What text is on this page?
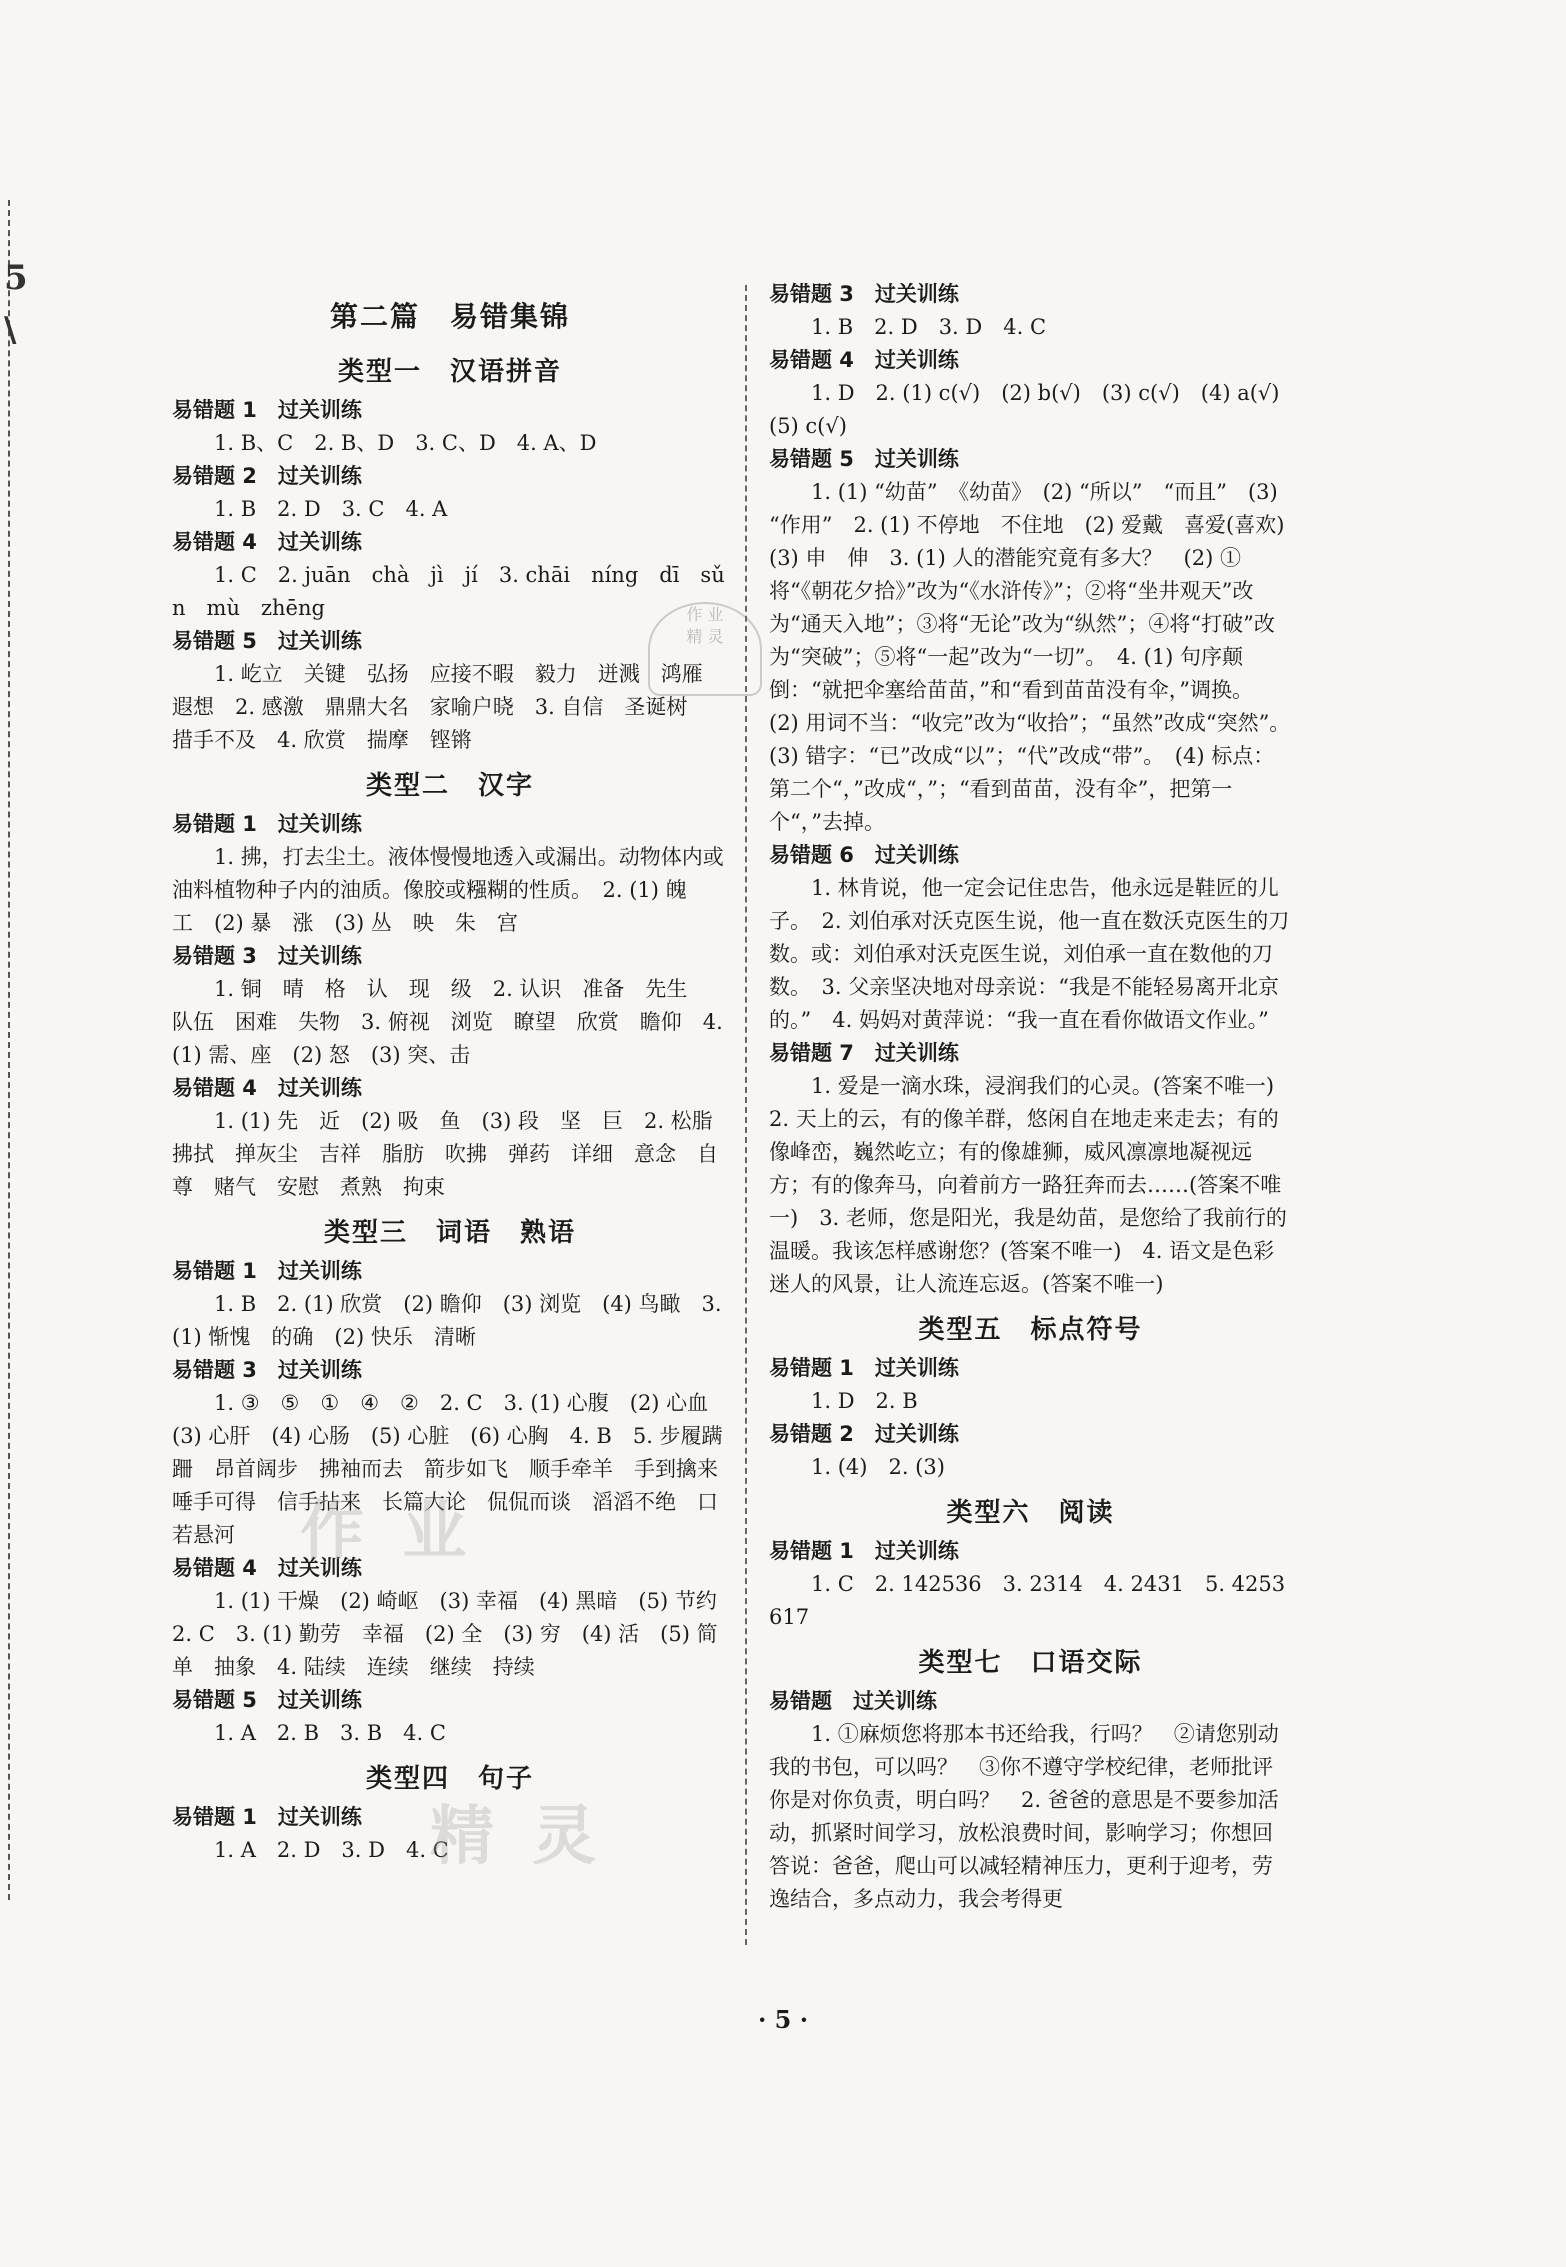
5
\	第二篇　易错集锦
类型一　汉语拼音

易错题 1　过关训练

1. B、C　2. B、D　3. C、D　4. A、D

易错题 2　过关训练

1. B　2. D　3. C　4. A

易错题 4　过关训练

1. C　2. juān　chà　jì　jí　3. chāi　níng　dī　sǔn　mù　zhēng

易错题 5　过关训练

1. 屹立　关键　弘扬　应接不暇　毅力　迸溅　鸿雁　遐想　2. 感激　鼎鼎大名　家喻户晓　3. 自信　圣诞树　措手不及　4. 欣赏　揣摩　铿锵

类型二　汉字

易错题 1　过关训练

1. 拂，打去尘土。液体慢慢地透入或漏出。动物体内或油料植物种子内的油质。像胶或糨糊的性质。　2. (1) 魄　工　(2) 暴　涨　(3) 丛　映　朱　宫

易错题 3　过关训练

1. 铜　晴　格　认　现　级　2. 认识　准备　先生　队伍　困难　失物　3. 俯视　浏览　瞭望　欣赏　瞻仰　4. (1) 需、座　(2) 怒　(3) 突、击

易错题 4　过关训练

1. (1) 先　近　(2) 吸　鱼　(3) 段　坚　巨　2. 松脂　拂拭　掸灰尘　吉祥　脂肪　吹拂　弹药　详细　意念　自尊　赌气　安慰　煮熟　拘束

类型三　词语　熟语

易错题 1　过关训练

1. B　2. (1) 欣赏　(2) 瞻仰　(3) 浏览　(4) 鸟瞰　3. (1) 惭愧　的确　(2) 快乐　清晰

易错题 3　过关训练

1. ③　⑤　①　④　②　2. C　3. (1) 心腹　(2) 心血　(3) 心肝　(4) 心肠　(5) 心脏　(6) 心胸　4. B　5. 步履蹒跚　昂首阔步　拂袖而去　箭步如飞　顺手牵羊　手到擒来　唾手可得　信手拈来　长篇大论　侃侃而谈　滔滔不绝　口若悬河

易错题 4　过关训练

1. (1) 干燥　(2) 崎岖　(3) 幸福　(4) 黑暗　(5) 节约　2. C　3. (1) 勤劳　幸福　(2) 全　(3) 穷　(4) 活　(5) 简单　抽象　4. 陆续　连续　继续　持续

易错题 5　过关训练

1. A　2. B　3. B　4. C

类型四　句子

易错题 1　过关训练

1. A　2. D　3. D　4. C

易错题 3　过关训练

1. B　2. D　3. D　4. C

易错题 4　过关训练

1. D　2. (1) c(√)　(2) b(√)　(3) c(√)　(4) a(√)　(5) c(√)

易错题 5　过关训练

1. (1) “幼苗”　《幼苗》　(2) “所以”　“而且”　(3) “作用”　2. (1) 不停地　不住地　(2) 爱戴　喜爱(喜欢)　(3) 申　伸　3. (1) 人的潜能究竟有多大？　(2) ①将“《朝花夕拾》”改为“《水浒传》”；②将“坐井观天”改为“通天入地”；③将“无论”改为“纵然”；④将“打破”改为“突破”；⑤将“一起”改为“一切”。　4. (1) 句序颠倒：“就把伞塞给苗苗，”和“看到苗苗没有伞，”调换。　(2) 用词不当：“收完”改为“收拾”；“虽然”改成“突然”。(3) 错字：“已”改成“以”；“代”改成“带”。　(4) 标点：第二个“，”改成“，”；“看到苗苗，没有伞”，把第一个“，”去掉。

易错题 6　过关训练

1. 林肯说，他一定会记住忠告，他永远是鞋匠的儿子。　2. 刘伯承对沃克医生说，他一直在数沃克医生的刀数。或：刘伯承对沃克医生说，刘伯承一直在数他的刀数。　3. 父亲坚决地对母亲说：“我是不能轻易离开北京的。”　4. 妈妈对黄萍说：“我一直在看你做语文作业。”

易错题 7　过关训练

1. 爱是一滴水珠，浸润我们的心灵。(答案不唯一)　2. 天上的云，有的像羊群，悠闲自在地走来走去；有的像峰峦，巍然屹立；有的像雄狮，威风凛凛地凝视远方；有的像奔马，向着前方一路狂奔而去……(答案不唯一)　3. 老师，您是阳光，我是幼苗，是您给了我前行的温暖。我该怎样感谢您？(答案不唯一)　4. 语文是色彩迷人的风景，让人流连忘返。(答案不唯一)

类型五　标点符号

易错题 1　过关训练

1. D　2. B

易错题 2　过关训练

1. (4)　2. (3)

类型六　阅读

易错题 1　过关训练

1. C　2. 142536　3. 2314　4. 2431　5. 4253617

类型七　口语交际

易错题　过关训练

1. ①麻烦您将那本书还给我，行吗？　②请您别动我的书包，可以吗？　③你不遵守学校纪律，老师批评你是对你负责，明白吗？　2. 爸爸的意思是不要参加活动，抓紧时间学习，放松浪费时间，影响学习；你想回答说：爸爸，爬山可以减轻精神压力，更利于迎考，劳逸结合，多点动力，我会考得更

作 业
精 灵
作 业
精 灵
· 5 ·
